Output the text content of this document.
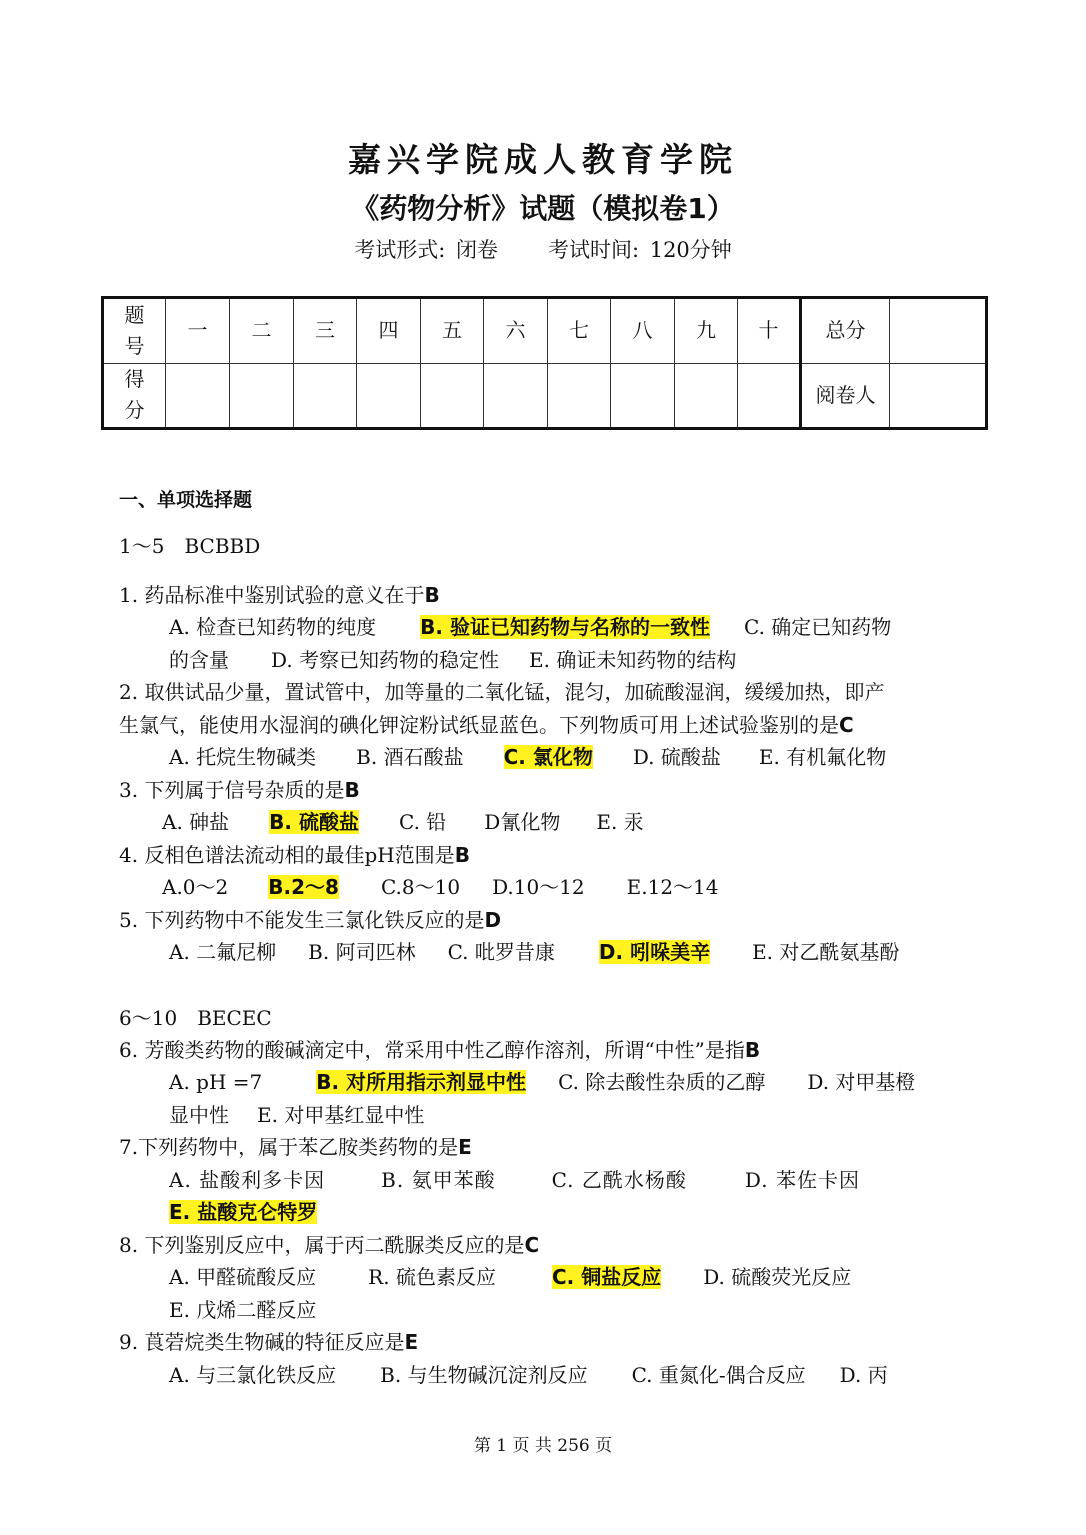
嘉兴学院成人教育学院
《药物分析》试题（模拟卷1）
考试形式: 闭卷 考试时间: 120分钟
题号	一	二	三	四	五	六	七	八	九	十	总分	
得分											阅卷人	
一、单项选择题
1～5 BCBBD
1. 药品标准中鉴别试验的意义在于B
A. 检查已知药物的纯度 B. 验证已知药物与名称的一致性 C. 确定已知药物
的含量 D. 考察已知药物的稳定性 E. 确证未知药物的结构
2. 取供试品少量，置试管中，加等量的二氧化锰，混匀，加硫酸湿润，缓缓加热，即产
生氯气，能使用水湿润的碘化钾淀粉试纸显蓝色。下列物质可用上述试验鉴别的是C
A. 托烷生物碱类 B. 酒石酸盐 C. 氯化物 D. 硫酸盐 E. 有机氟化物
3. 下列属于信号杂质的是B
A. 砷盐 B. 硫酸盐 C. 铅 D氰化物 E. 汞
4. 反相色谱法流动相的最佳pH范围是B
A.0～2 B.2～8 C.8～10 D.10～12 E.12～14
5. 下列药物中不能发生三氯化铁反应的是D
A. 二氟尼柳 B. 阿司匹林 C. 吡罗昔康 D. 吲哚美辛 E. 对乙酰氨基酚
6～10 BECEC
6. 芳酸类药物的酸碱滴定中，常采用中性乙醇作溶剂，所谓“中性”是指B
A. pH =7	B. 对所用指示剂显中性 C. 除去酸性杂质的乙醇 D. 对甲基橙
显中性 E. 对甲基红显中性
7.下列药物中，属于苯乙胺类药物的是E
A. 盐酸利多卡因	B. 氨甲苯酸	C. 乙酰水杨酸	D. 苯佐卡因
E. 盐酸克仑特罗
8. 下列鉴别反应中，属于丙二酰脲类反应的是C
A. 甲醛硫酸反应	R. 硫色素反应	C. 铜盐反应 D. 硫酸荧光反应
E. 戊烯二醛反应
9. 莨菪烷类生物碱的特征反应是E
A. 与三氯化铁反应 B. 与生物碱沉淀剂反应 C. 重氮化-偶合反应 D. 丙
第 1 页 共 256 页
